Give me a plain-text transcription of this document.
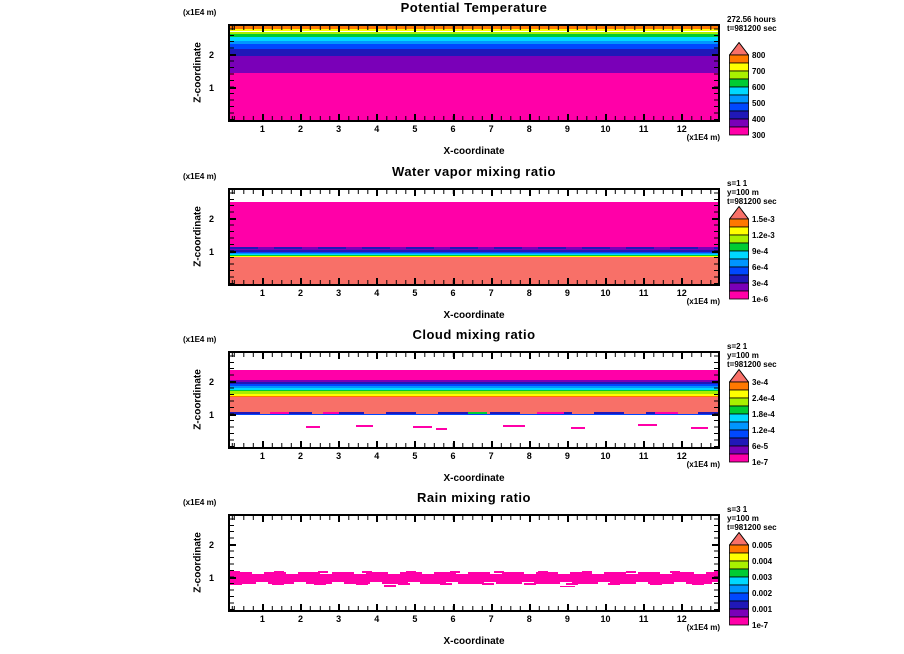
Potential Temperature
(x1E4 m)
Z-coordinate
1	2	3	4	5	6	7	8	9	10	11	12
1
2
X-coordinate
(x1E4 m)
272.56 hours
t=981200 sec
800
700
600
500
400
300
Water vapor mixing ratio
(x1E4 m)
Z-coordinate
1	2	3	4	5	6	7	8	9	10	11	12
1
2
X-coordinate
(x1E4 m)
s=1 1
y=100 m
t=981200 sec
1.5e-3
1.2e-3
9e-4
6e-4
3e-4
1e-6
Cloud mixing ratio
(x1E4 m)
Z-coordinate
1	2	3	4	5	6	7	8	9	10	11	12
1
2
X-coordinate
(x1E4 m)
s=2 1
y=100 m
t=981200 sec
3e-4
2.4e-4
1.8e-4
1.2e-4
6e-5
1e-7
Rain mixing ratio
(x1E4 m)
Z-coordinate
1	2	3	4	5	6	7	8	9	10	11	12
1
2
X-coordinate
(x1E4 m)
s=3 1
y=100 m
t=981200 sec
0.005
0.004
0.003
0.002
0.001
1e-7
